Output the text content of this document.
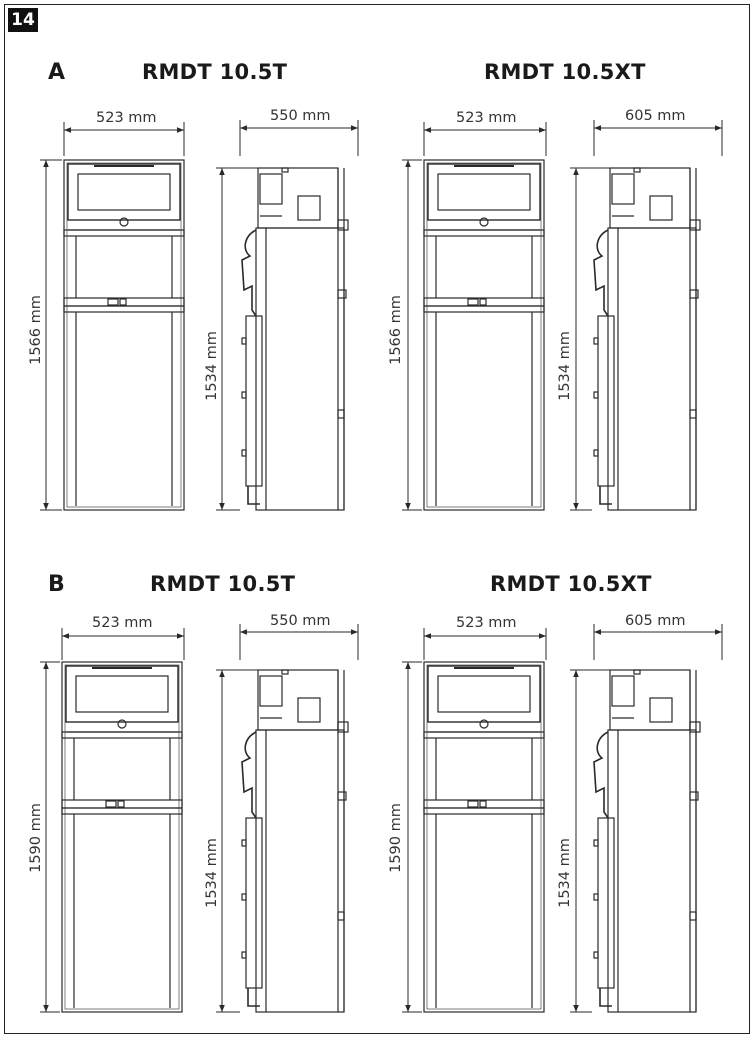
14
A	RMDT 10.5T	RMDT 10.5XT
523 mm	550 mm	523 mm	605 mm
1566 mm
1534 mm
1566 mm
1534 mm
B	RMDT 10.5T	RMDT 10.5XT
523 mm	550 mm	523 mm	605 mm
1590 mm
1534 mm
1590 mm
1534 mm
